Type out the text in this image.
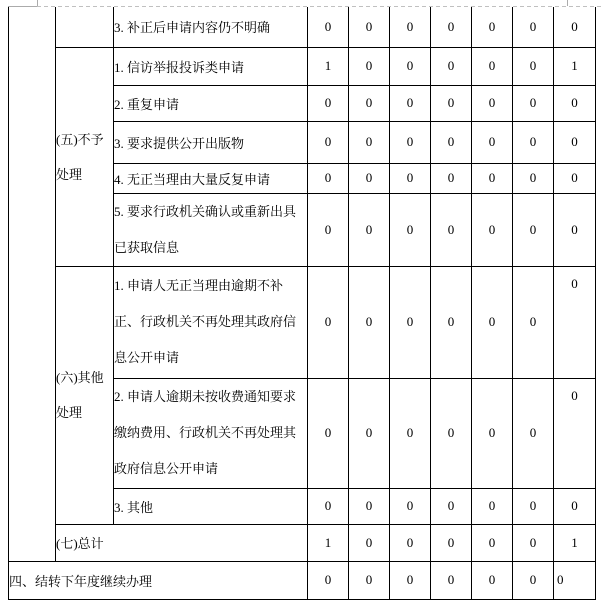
		3. 补正后申请内容仍不明确	0	0	0	0	0	0	0
	(五)不予处理	1. 信访举报投诉类申请	1	0	0	0	0	0	1
		2. 重复申请	0	0	0	0	0	0	0
		3. 要求提供公开出版物	0	0	0	0	0	0	0
		4. 无正当理由大量反复申请	0	0	0	0	0	0	0
		5. 要求行政机关确认或重新出具已获取信息	0	0	0	0	0	0	0
	(六)其他处理	1. 申请人无正当理由逾期不补正、行政机关不再处理其政府信息公开申请	0	0	0	0	0	0	0
		2. 申请人逾期未按收费通知要求缴纳费用、行政机关不再处理其政府信息公开申请	0	0	0	0	0	0	0
		3. 其他	0	0	0	0	0	0	0
	(七)总计		1	0	0	0	0	0	1
四、结转下年度继续办理			0	0	0	0	0	0	0
